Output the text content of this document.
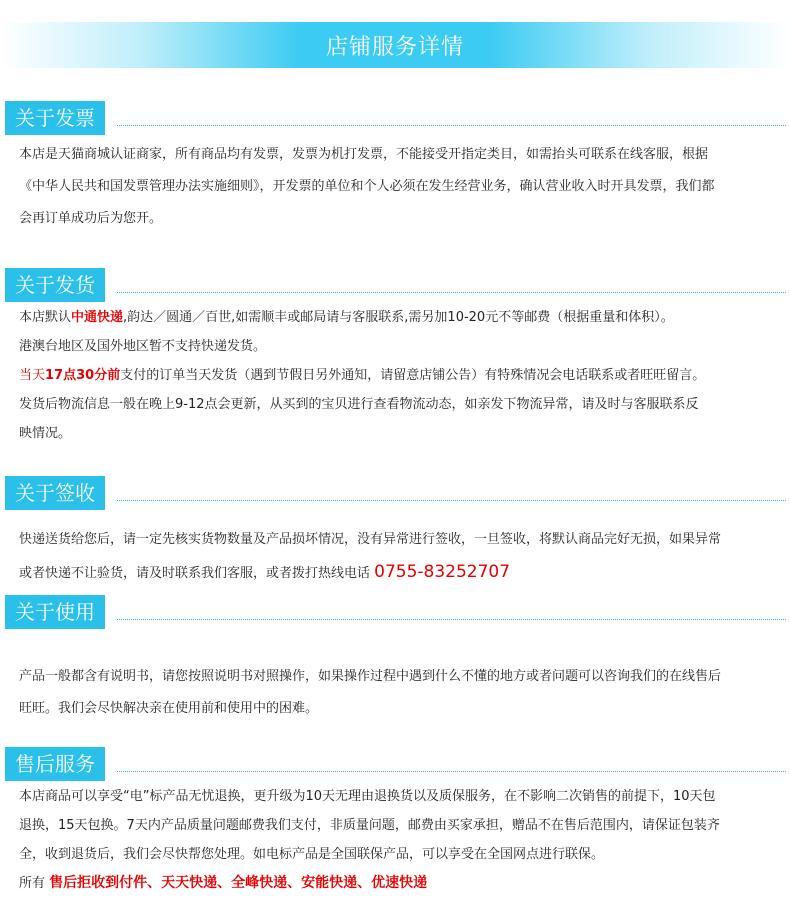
店铺服务详情
关于发票

本店是天猫商城认证商家，所有商品均有发票，发票为机打发票，不能接受开指定类目，如需抬头可联系在线客服，根据

《中华人民共和国发票管理办法实施细则》，开发票的单位和个人必须在发生经营业务，确认营业收入时开具发票，我们都

会再订单成功后为您开。

关于发货

本店默认中通快递,韵达／圆通／百世,如需顺丰或邮局请与客服联系,需另加10-20元不等邮费（根据重量和体积）。

港澳台地区及国外地区暂不支持快递发货。

当天17点30分前支付的订单当天发货（遇到节假日另外通知，请留意店铺公告）有特殊情况会电话联系或者旺旺留言。

发货后物流信息一般在晚上9-12点会更新，从买到的宝贝进行查看物流动态，如亲发下物流异常，请及时与客服联系反

映情况。

关于签收

快递送货给您后，请一定先核实货物数量及产品损坏情况，没有异常进行签收，一旦签收，将默认商品完好无损，如果异常

或者快递不让验货，请及时联系我们客服，或者拨打热线电话 0755-83252707

关于使用

产品一般都含有说明书，请您按照说明书对照操作，如果操作过程中遇到什么不懂的地方或者问题可以咨询我们的在线售后

旺旺。我们会尽快解决亲在使用前和使用中的困难。

售后服务

本店商品可以享受“电”标产品无忧退换，更升级为10天无理由退换货以及质保服务，在不影响二次销售的前提下，10天包

退换，15天包换。7天内产品质量问题邮费我们支付，非质量问题，邮费由买家承担，赠品不在售后范围内，请保证包装齐

全，收到退货后，我们会尽快帮您处理。如电标产品是全国联保产品，可以享受在全国网点进行联保。

所有 售后拒收到付件、天天快递、全峰快递、安能快递、优速快递
